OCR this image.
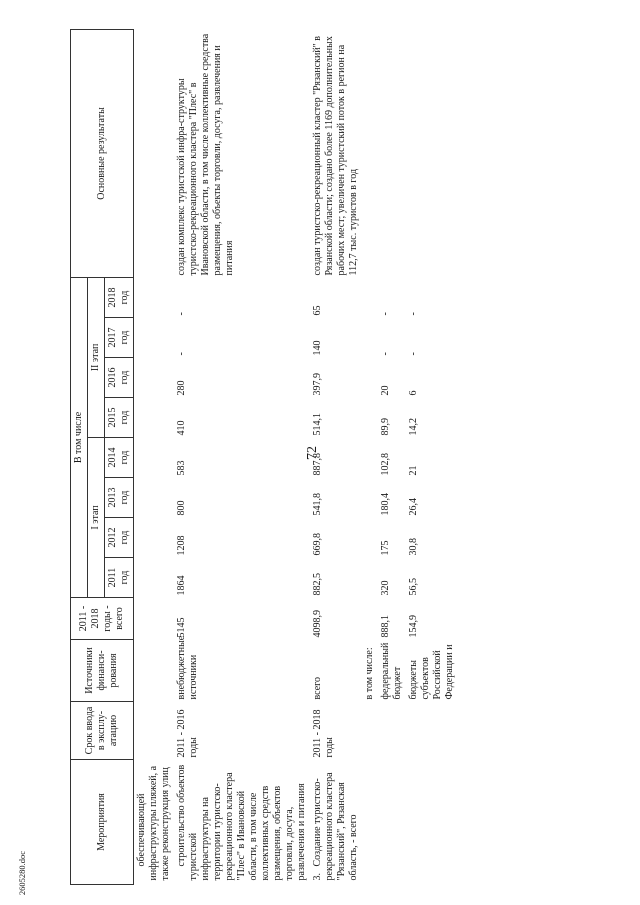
72
2605280.doc
Мероприятия	Срок ввода в эксплу-атацию	Источники финанси-рования	2011 - 2018 годы - всего	В том числе								Основные результаты
				I этап				II этап				
				2011 год	2012 год	2013 год	2014 год	2015 год	2016 год	2017 год	2018 год	
обеспечивающей инфраструктуры пляжей, а также реконструкция улиц												
строительство объектов туристской инфраструктуры на территории туристско-рекреационного кластера "Плес" в Ивановской области, в том числе коллективных средств размещения, объектов торговли, досуга, развлечения и питания	2011 - 2016 годы	внебюджетные источники	5145	1864	1208	800	583	410	280	-	-	создан комплекс туристской инфра-структуры туристско-рекреационного кластера "Плес" в Ивановской области, в том числе коллективные средства размещения, объекты торговли, досуга, развлечения и питания
3.Создание туристско-рекреационного кластера "Рязанский", Рязанская область, - всего	2011 - 2018 годы	всего	4098,9	882,5	669,8	541,8	887,8	514,1	397,9	140	65	создан туристско-рекреационный кластер "Рязанский" в Рязанской области; создано более 1169 дополнительных рабочих мест; увеличен туристский поток в регион на 112,7 тыс. туристов в год
		в том числе:										
		федеральный бюджет	888,1	320	175	180,4	102,8	89,9	20	-	-	
		бюджеты субъектов Российской Федерации и	154,9	56,5	30,8	26,4	21	14,2	6	-	-	
